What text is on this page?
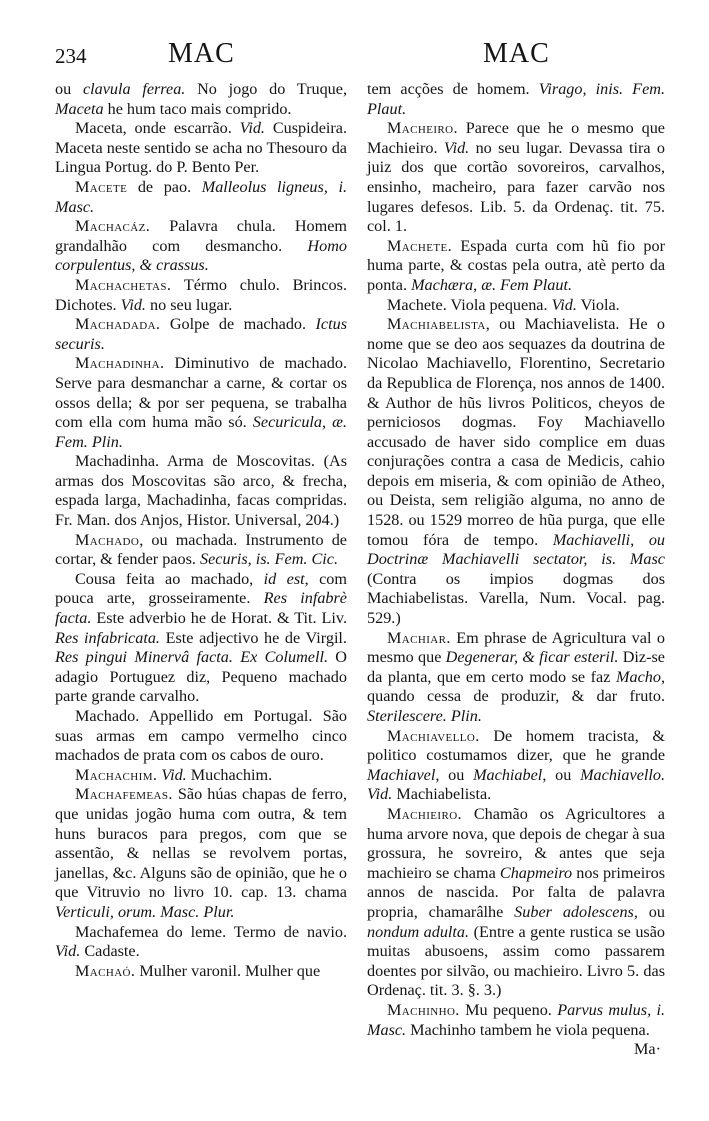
234	MAC	MAC

ou clavula ferrea. No jogo do Truque, Maceta he hum taco mais comprido.

Maceta, onde escarrão. Vid. Cuspideira. Maceta neste sentido se acha no Thesouro da Lingua Portug. do P. Bento Per.

Macete de pao. Malleolus ligneus, i. Masc.

Machacáz. Palavra chula. Homem grandalhão com desmancho. Homo corpulentus, & crassus.

Machachetas. Térmo chulo. Brincos. Dichotes. Vid. no seu lugar.

Machadada. Golpe de machado. Ictus securis.

Machadinha. Diminutivo de machado. Serve para desmanchar a carne, & cortar os ossos della; & por ser pequena, se trabalha com ella com huma mão só. Securicula, æ. Fem. Plin.

Machadinha. Arma de Moscovitas. (As armas dos Moscovitas são arco, & frecha, espada larga, Machadinha, facas compridas. Fr. Man. dos Anjos, Histor. Universal, 204.)

Machado, ou machada. Instrumento de cortar, & fender paos. Securis, is. Fem. Cic.

Cousa feita ao machado, id est, com pouca arte, grosseiramente. Res infabrè facta. Este adverbio he de Horat. & Tit. Liv. Res infabricata. Este adjectivo he de Virgil. Res pingui Minervâ facta. Ex Columell. O adagio Portuguez diz, Pequeno machado parte grande carvalho.

Machado. Appellido em Portugal. São suas armas em campo vermelho cinco machados de prata com os cabos de ouro.

Machachim. Vid. Muchachim.

Machafemeas. São húas chapas de ferro, que unidas jogão huma com outra, & tem huns buracos para pregos, com que se assentão, & nellas se revolvem portas, janellas, &c. Alguns são de opinião, que he o que Vitruvio no livro 10. cap. 13. chama Verticuli, orum. Masc. Plur.

Machafemea do leme. Termo de navio. Vid. Cadaste.

Machaó. Mulher varonil. Mulher que

tem acções de homem. Virago, inis. Fem. Plaut.

Macheiro. Parece que he o mesmo que Machieiro. Vid. no seu lugar. Devassa tira o juiz dos que cortão sovoreiros, carvalhos, ensinho, macheiro, para fazer carvão nos lugares defesos. Lib. 5. da Ordenaç. tit. 75. col. 1.

Machete. Espada curta com hũ fio por huma parte, & costas pela outra, atè perto da ponta. Machæra, æ. Fem Plaut.

Machete. Viola pequena. Vid. Viola.

Machiabelista, ou Machiavelista. He o nome que se deo aos sequazes da doutrina de Nicolao Machiavello, Florentino, Secretario da Republica de Florença, nos annos de 1400. & Author de hũs livros Politicos, cheyos de perniciosos dogmas. Foy Machiavello accusado de haver sido complice em duas conjurações contra a casa de Medicis, cahio depois em miseria, & com opinião de Atheo, ou Deista, sem religião alguma, no anno de 1528. ou 1529 morreo de hũa purga, que elle tomou fóra de tempo. Machiavelli, ou Doctrinæ Machiavelli sectator, is. Masc (Contra os impios dogmas dos Machiabelistas. Varella, Num. Vocal. pag. 529.)

Machiar. Em phrase de Agricultura val o mesmo que Degenerar, & ficar esteril. Diz-se da planta, que em certo modo se faz Macho, quando cessa de produzir, & dar fruto. Sterilescere. Plin.

Machiavello. De homem tracista, & politico costumamos dizer, que he grande Machiavel, ou Machiabel, ou Machiavello. Vid. Machiabelista.

Machieiro. Chamão os Agricultores a huma arvore nova, que depois de chegar à sua grossura, he sovreiro, & antes que seja machieiro se chama Chapmeiro nos primeiros annos de nascida. Por falta de palavra propria, chamarâlhe Suber adolescens, ou nondum adulta. (Entre a gente rustica se usão muitas abusoens, assim como passarem doentes por silvão, ou machieiro. Livro 5. das Ordenaç. tit. 3. §. 3.)

Machinho. Mu pequeno. Parvus mulus, i. Masc. Machinho tambem he viola pequena.

Ma·
